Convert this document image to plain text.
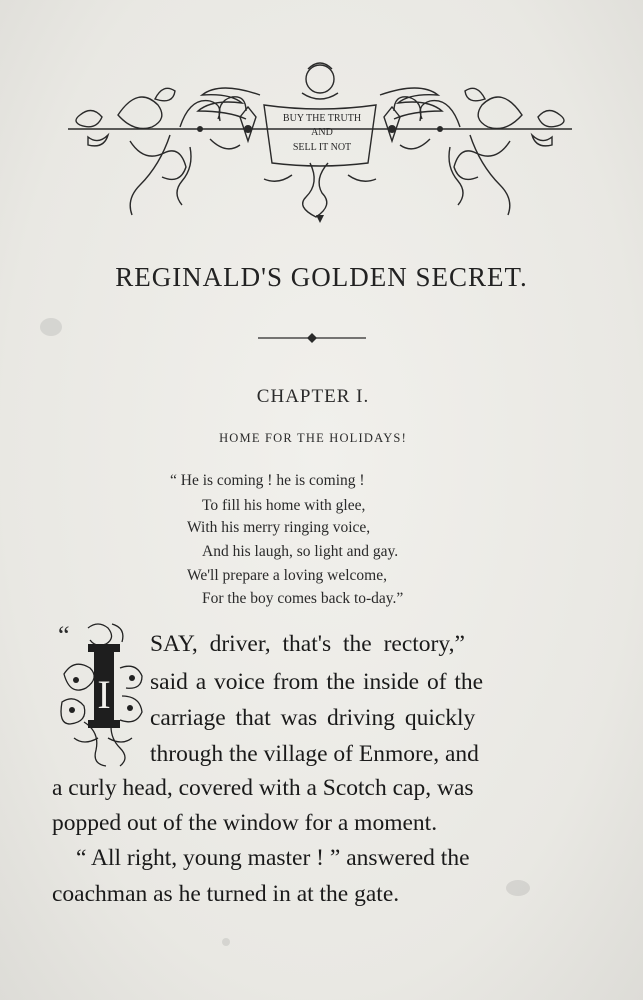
BUY THE TRUTH
AND
SELL IT NOT
REGINALD'S GOLDEN SECRET.
CHAPTER I.
HOME FOR THE HOLIDAYS!
“ He is coming ! he is coming !
To fill his home with glee,
With his merry ringing voice,
And his laugh, so light and gay.
We'll prepare a loving welcome,
For the boy comes back to-day.”
“
I
SAY, driver, that's the rectory,”
said a voice from the inside of the
carriage that was driving quickly
through the village of Enmore, and
a curly head, covered with a Scotch cap, was
popped out of the window for a moment.
“ All right, young master ! ” answered the
coachman as he turned in at the gate.
